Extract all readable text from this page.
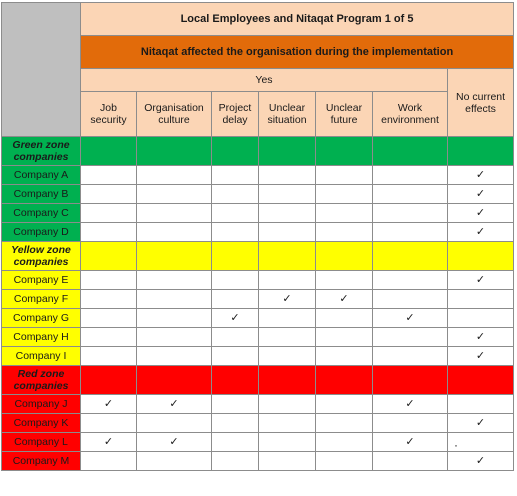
	Local Employees and Nitaqat Program 1 of 5						
	Nitaqat affected the organisation during the implementation						
	Yes						No current effects
	Job security	Organisation culture	Project delay	Unclear situation	Unclear future	Work environment	
Green zone companies							
Company A							✓
Company B							✓
Company C							✓
Company D							✓
Yellow zone companies							
Company E							✓
Company F				✓	✓		
Company G			✓			✓	
Company H							✓
Company I							✓
Red zone companies							
Company J	✓	✓				✓	
Company K							✓
Company L	✓	✓				✓	·
Company M							✓
